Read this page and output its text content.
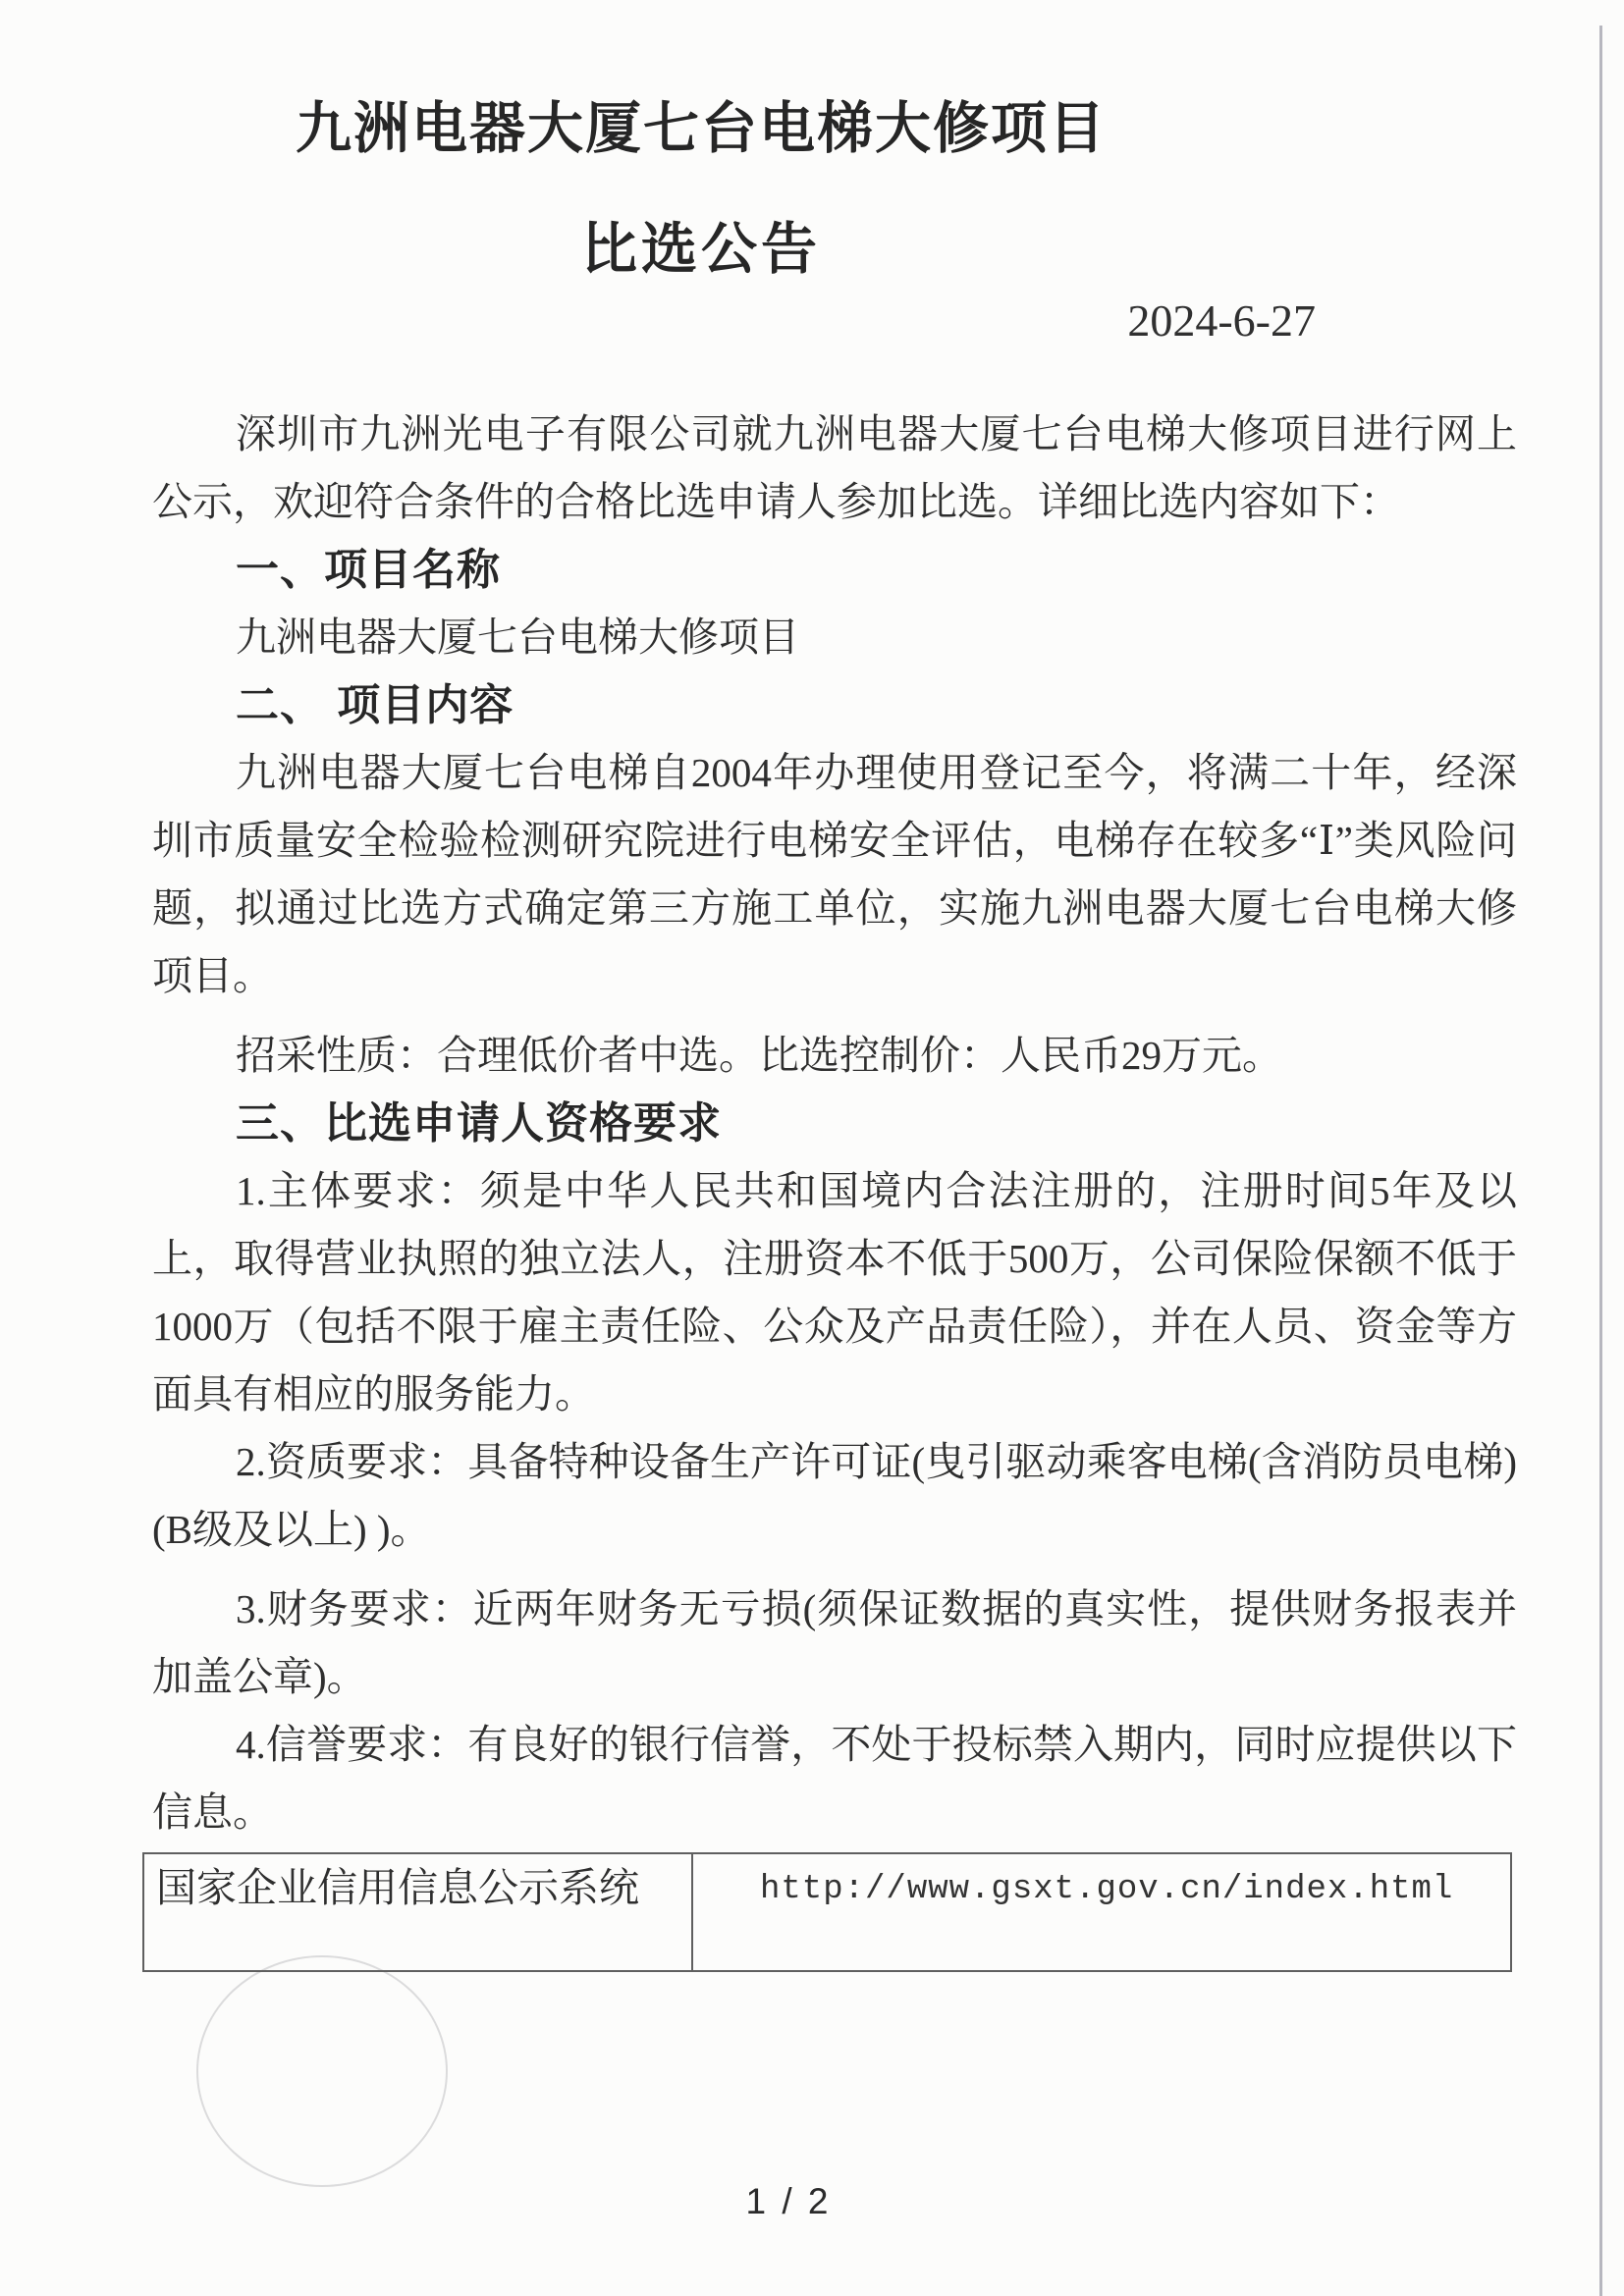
九洲电器大厦七台电梯大修项目
比选公告
2024-6-27

深圳市九洲光电子有限公司就九洲电器大厦七台电梯大修项目进行网上公示，欢迎符合条件的合格比选申请人参加比选。详细比选内容如下：

一、项目名称

九洲电器大厦七台电梯大修项目

二、 项目内容

九洲电器大厦七台电梯自2004年办理使用登记至今，将满二十年，经深圳市质量安全检验检测研究院进行电梯安全评估，电梯存在较多“Ⅰ”类风险问题，拟通过比选方式确定第三方施工单位，实施九洲电器大厦七台电梯大修项目。

招采性质：合理低价者中选。比选控制价：人民币29万元。

三、比选申请人资格要求

1.主体要求：须是中华人民共和国境内合法注册的，注册时间5年及以上，取得营业执照的独立法人，注册资本不低于500万，公司保险保额不低于1000万（包括不限于雇主责任险、公众及产品责任险），并在人员、资金等方面具有相应的服务能力。

2.资质要求：具备特种设备生产许可证(曳引驱动乘客电梯(含消防员电梯)(B级及以上) )。

3.财务要求：近两年财务无亏损(须保证数据的真实性，提供财务报表并加盖公章)。

4.信誉要求：有良好的银行信誉，不处于投标禁入期内，同时应提供以下信息。

国家企业信用信息公示系统	http://www.gsxt.gov.cn/index.html
1 / 2
